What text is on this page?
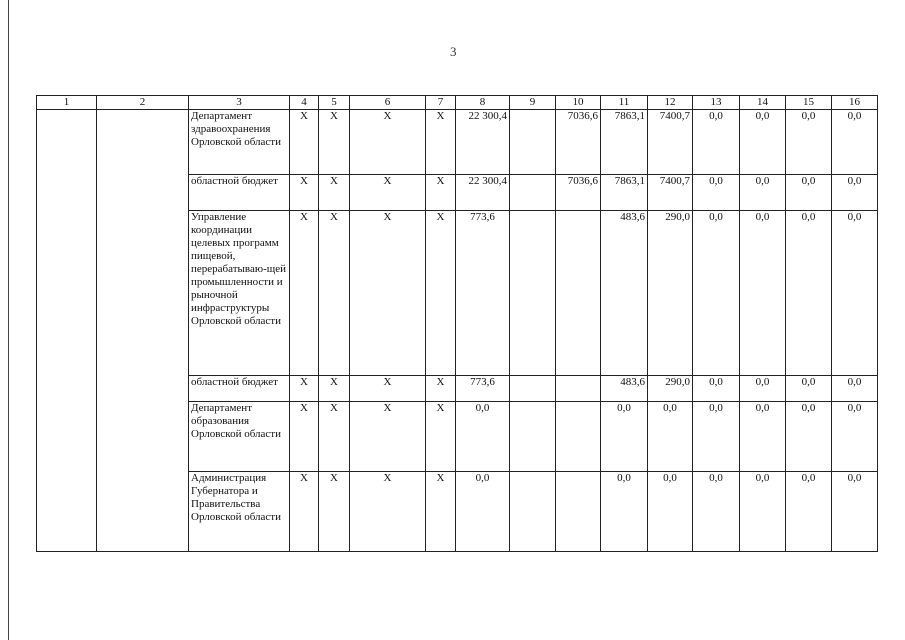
3
1	2	3	4	5	6	7	8	9	10	11	12	13	14	15	16
		Департамент здравоохранения Орловской области	X	X	X	X	22 300,4		7036,6	7863,1	7400,7	0,0	0,0	0,0	0,0
		областной бюджет	X	X	X	X	22 300,4		7036,6	7863,1	7400,7	0,0	0,0	0,0	0,0
		Управление координации целевых программ пищевой, перерабатываю-щей промышленности и рыночной инфраструктуры Орловской области	X	X	X	X	773,6			483,6	290,0	0,0	0,0	0,0	0,0
		областной бюджет	X	X	X	X	773,6			483,6	290,0	0,0	0,0	0,0	0,0
		Департамент образования Орловской области	X	X	X	X	0,0			0,0	0,0	0,0	0,0	0,0	0,0
		Администрация Губернатора и Правительства Орловской области	X	X	X	X	0,0			0,0	0,0	0,0	0,0	0,0	0,0
